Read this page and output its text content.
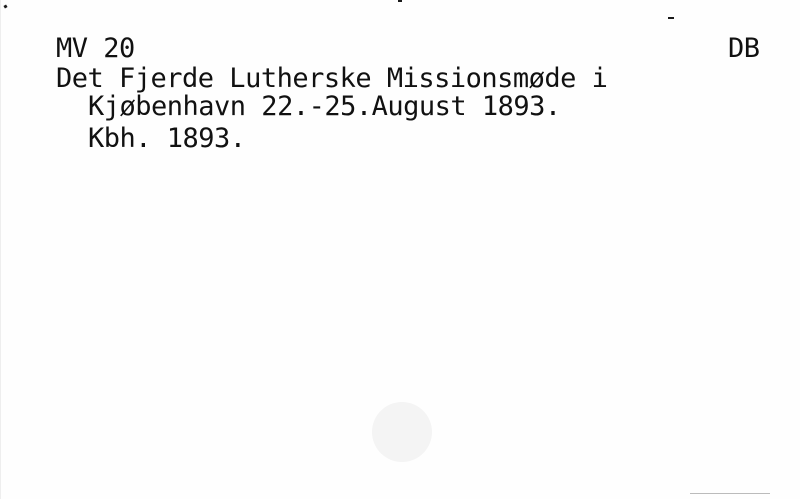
MV 20	DB
Det Fjerde Lutherske Missionsmøde i
Kjøbenhavn 22.-25.August 1893.
Kbh. 1893.
